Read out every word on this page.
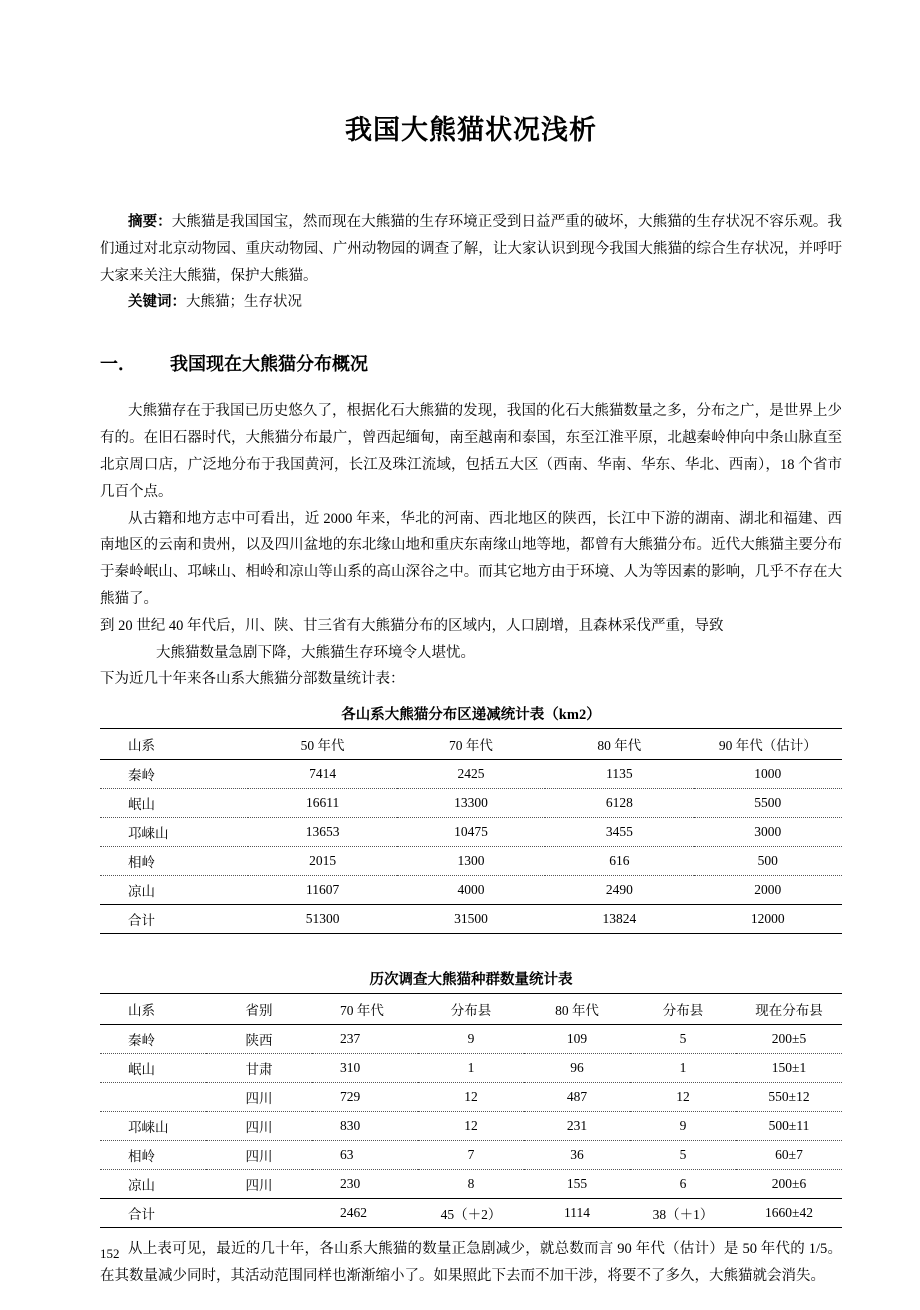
我国大熊猫状况浅析

摘要：大熊猫是我国国宝，然而现在大熊猫的生存环境正受到日益严重的破坏，大熊猫的生存状况不容乐观。我们通过对北京动物园、重庆动物园、广州动物园的调查了解，让大家认识到现今我国大熊猫的综合生存状况，并呼吁大家来关注大熊猫，保护大熊猫。

关键词：大熊猫；生存状况

一． 我国现在大熊猫分布概况

大熊猫存在于我国已历史悠久了，根据化石大熊猫的发现，我国的化石大熊猫数量之多，分布之广，是世界上少有的。在旧石器时代，大熊猫分布最广，曾西起缅甸，南至越南和泰国，东至江淮平原，北越秦岭伸向中条山脉直至北京周口店，广泛地分布于我国黄河，长江及珠江流域，包括五大区（西南、华南、华东、华北、西南），18 个省市几百个点。

从古籍和地方志中可看出，近 2000 年来，华北的河南、西北地区的陕西，长江中下游的湖南、湖北和福建、西南地区的云南和贵州，以及四川盆地的东北缘山地和重庆东南缘山地等地，都曾有大熊猫分布。近代大熊猫主要分布于秦岭岷山、邛崃山、相岭和凉山等山系的高山深谷之中。而其它地方由于环境、人为等因素的影响，几乎不存在大熊猫了。

到 20 世纪 40 年代后，川、陕、甘三省有大熊猫分布的区域内，人口剧增，且森林采伐严重，导致

大熊猫数量急剧下降，大熊猫生存环境令人堪忧。

下为近几十年来各山系大熊猫分部数量统计表：

各山系大熊猫分布区递减统计表（km2）
山系	50 年代	70 年代	80 年代	90 年代（估计）
秦岭	7414	2425	1135	1000
岷山	16611	13300	6128	5500
邛崃山	13653	10475	3455	3000
相岭	2015	1300	616	500
凉山	11607	4000	2490	2000
合计	51300	31500	13824	12000
历次调查大熊猫种群数量统计表
山系	省别	70 年代	分布县	80 年代	分布县	现在分布县
秦岭	陕西	237	9	109	5	200±5
岷山	甘肃	310	1	96	1	150±1
	四川	729	12	487	12	550±12
邛崃山	四川	830	12	231	9	500±11
相岭	四川	63	7	36	5	60±7
凉山	四川	230	8	155	6	200±6
合计		2462	45（＋2）	1114	38（＋1）	1660±42

从上表可见，最近的几十年，各山系大熊猫的数量正急剧减少，就总数而言 90 年代（估计）是 50 年代的 1/5。在其数量减少同时，其活动范围同样也渐渐缩小了。如果照此下去而不加干涉，将要不了多久，大熊猫就会消失。

152
